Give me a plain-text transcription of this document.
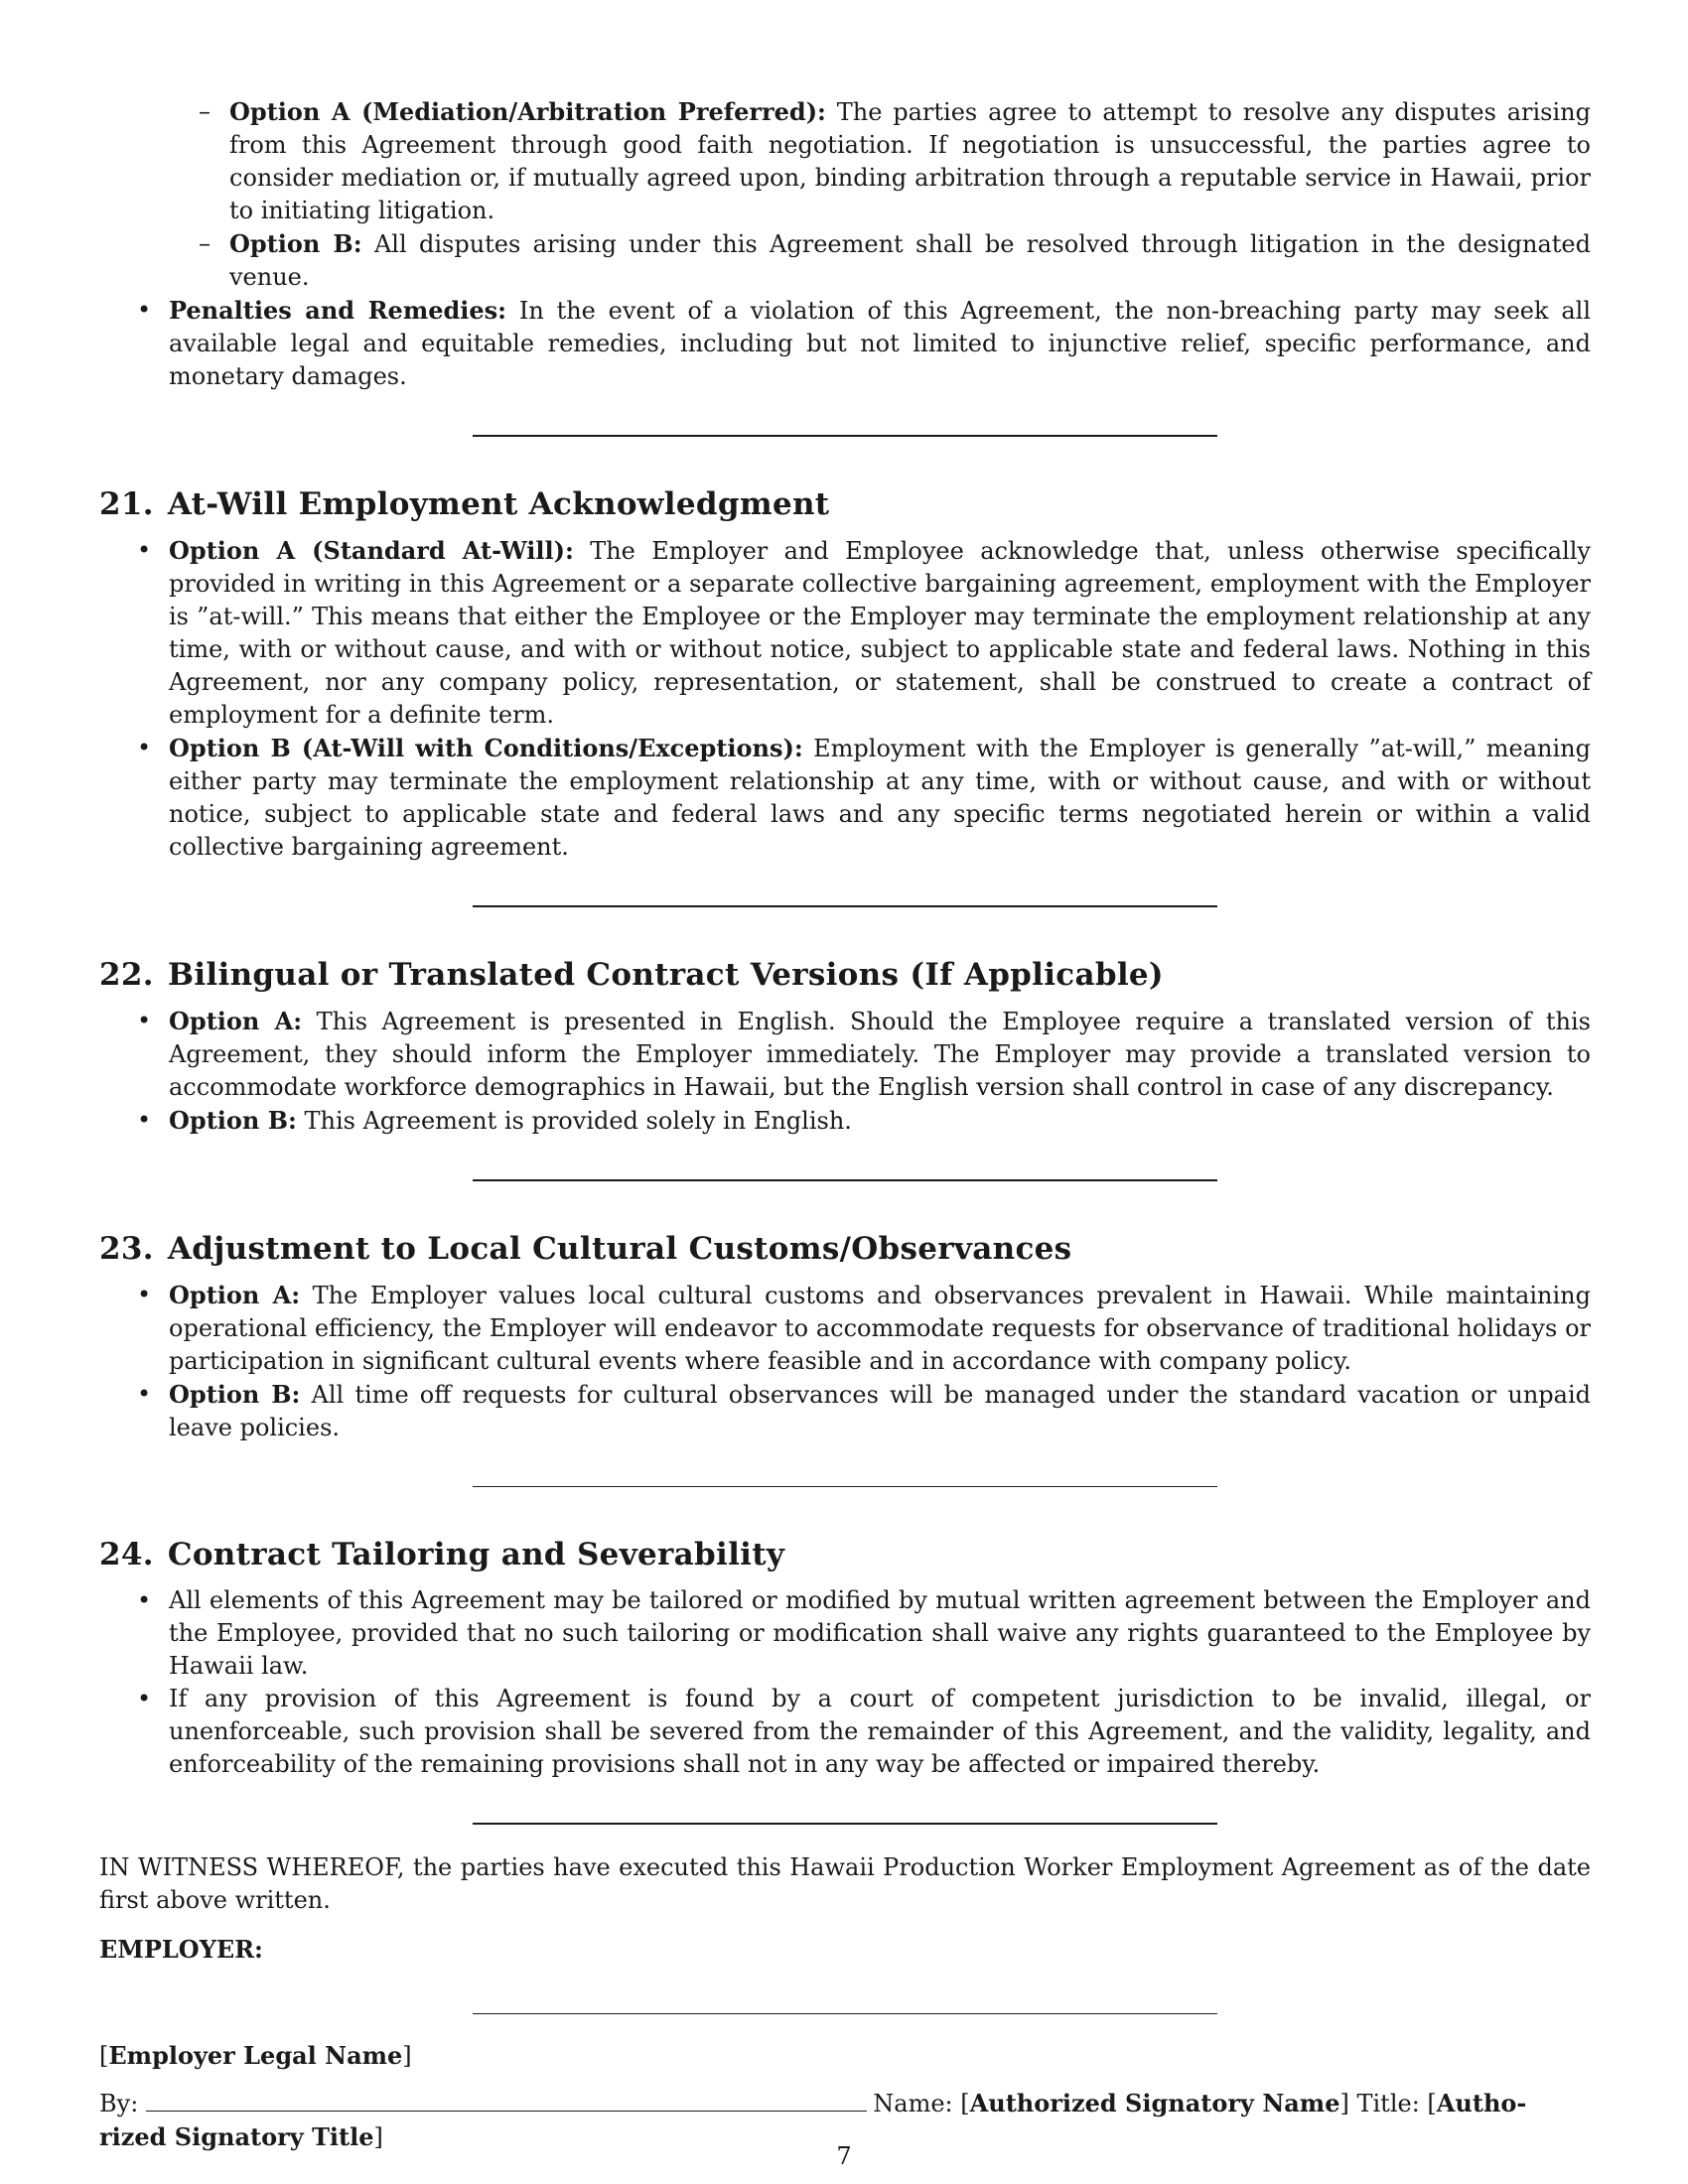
– Option A (Mediation/Arbitration Preferred): The parties agree to attempt to resolve any disputes arising from this Agreement through good faith negotiation. If negotiation is unsuccessful, the parties agree to consider mediation or, if mutually agreed upon, binding arbitration through a reputable service in Hawaii, prior to initiating litigation.
– Option B: All disputes arising under this Agreement shall be resolved through litigation in the designated venue.
• Penalties and Remedies: In the event of a violation of this Agreement, the non-breaching party may seek all available legal and equitable remedies, including but not limited to injunctive relief, specific performance, and monetary damages.
21. At-Will Employment Acknowledgment
• Option A (Standard At-Will): The Employer and Employee acknowledge that, unless otherwise specifically provided in writing in this Agreement or a separate collective bargaining agreement, employment with the Employer is ”at-will.” This means that either the Employee or the Employer may terminate the employment relationship at any time, with or without cause, and with or without notice, subject to applicable state and federal laws. Nothing in this Agreement, nor any company policy, representation, or statement, shall be construed to create a contract of employment for a definite term.
• Option B (At-Will with Conditions/Exceptions): Employment with the Employer is generally ”at-will,” meaning either party may terminate the employment relationship at any time, with or without cause, and with or without notice, subject to applicable state and federal laws and any specific terms negotiated herein or within a valid collective bargaining agreement.
22. Bilingual or Translated Contract Versions (If Applicable)
• Option A: This Agreement is presented in English. Should the Employee require a translated version of this Agreement, they should inform the Employer immediately. The Employer may provide a translated version to accommodate workforce demographics in Hawaii, but the English version shall control in case of any discrepancy.
• Option B: This Agreement is provided solely in English.
23. Adjustment to Local Cultural Customs/Observances
• Option A: The Employer values local cultural customs and observances prevalent in Hawaii. While maintaining operational efficiency, the Employer will endeavor to accommodate requests for observance of traditional holidays or participation in significant cultural events where feasible and in accordance with company policy.
• Option B: All time off requests for cultural observances will be managed under the standard vacation or unpaid leave policies.
24. Contract Tailoring and Severability
• All elements of this Agreement may be tailored or modified by mutual written agreement between the Employer and the Employee, provided that no such tailoring or modification shall waive any rights guaranteed to the Employee by Hawaii law.
• If any provision of this Agreement is found by a court of competent jurisdiction to be invalid, illegal, or unenforceable, such provision shall be severed from the remainder of this Agreement, and the validity, legality, and enforceability of the remaining provisions shall not in any way be affected or impaired thereby.
IN WITNESS WHEREOF, the parties have executed this Hawaii Production Worker Employment Agreement as of the date first above written.
EMPLOYER:
[Employer Legal Name]
By:	Name: [Authorized Signatory Name] Title: [Autho-
rized Signatory Title]
7
